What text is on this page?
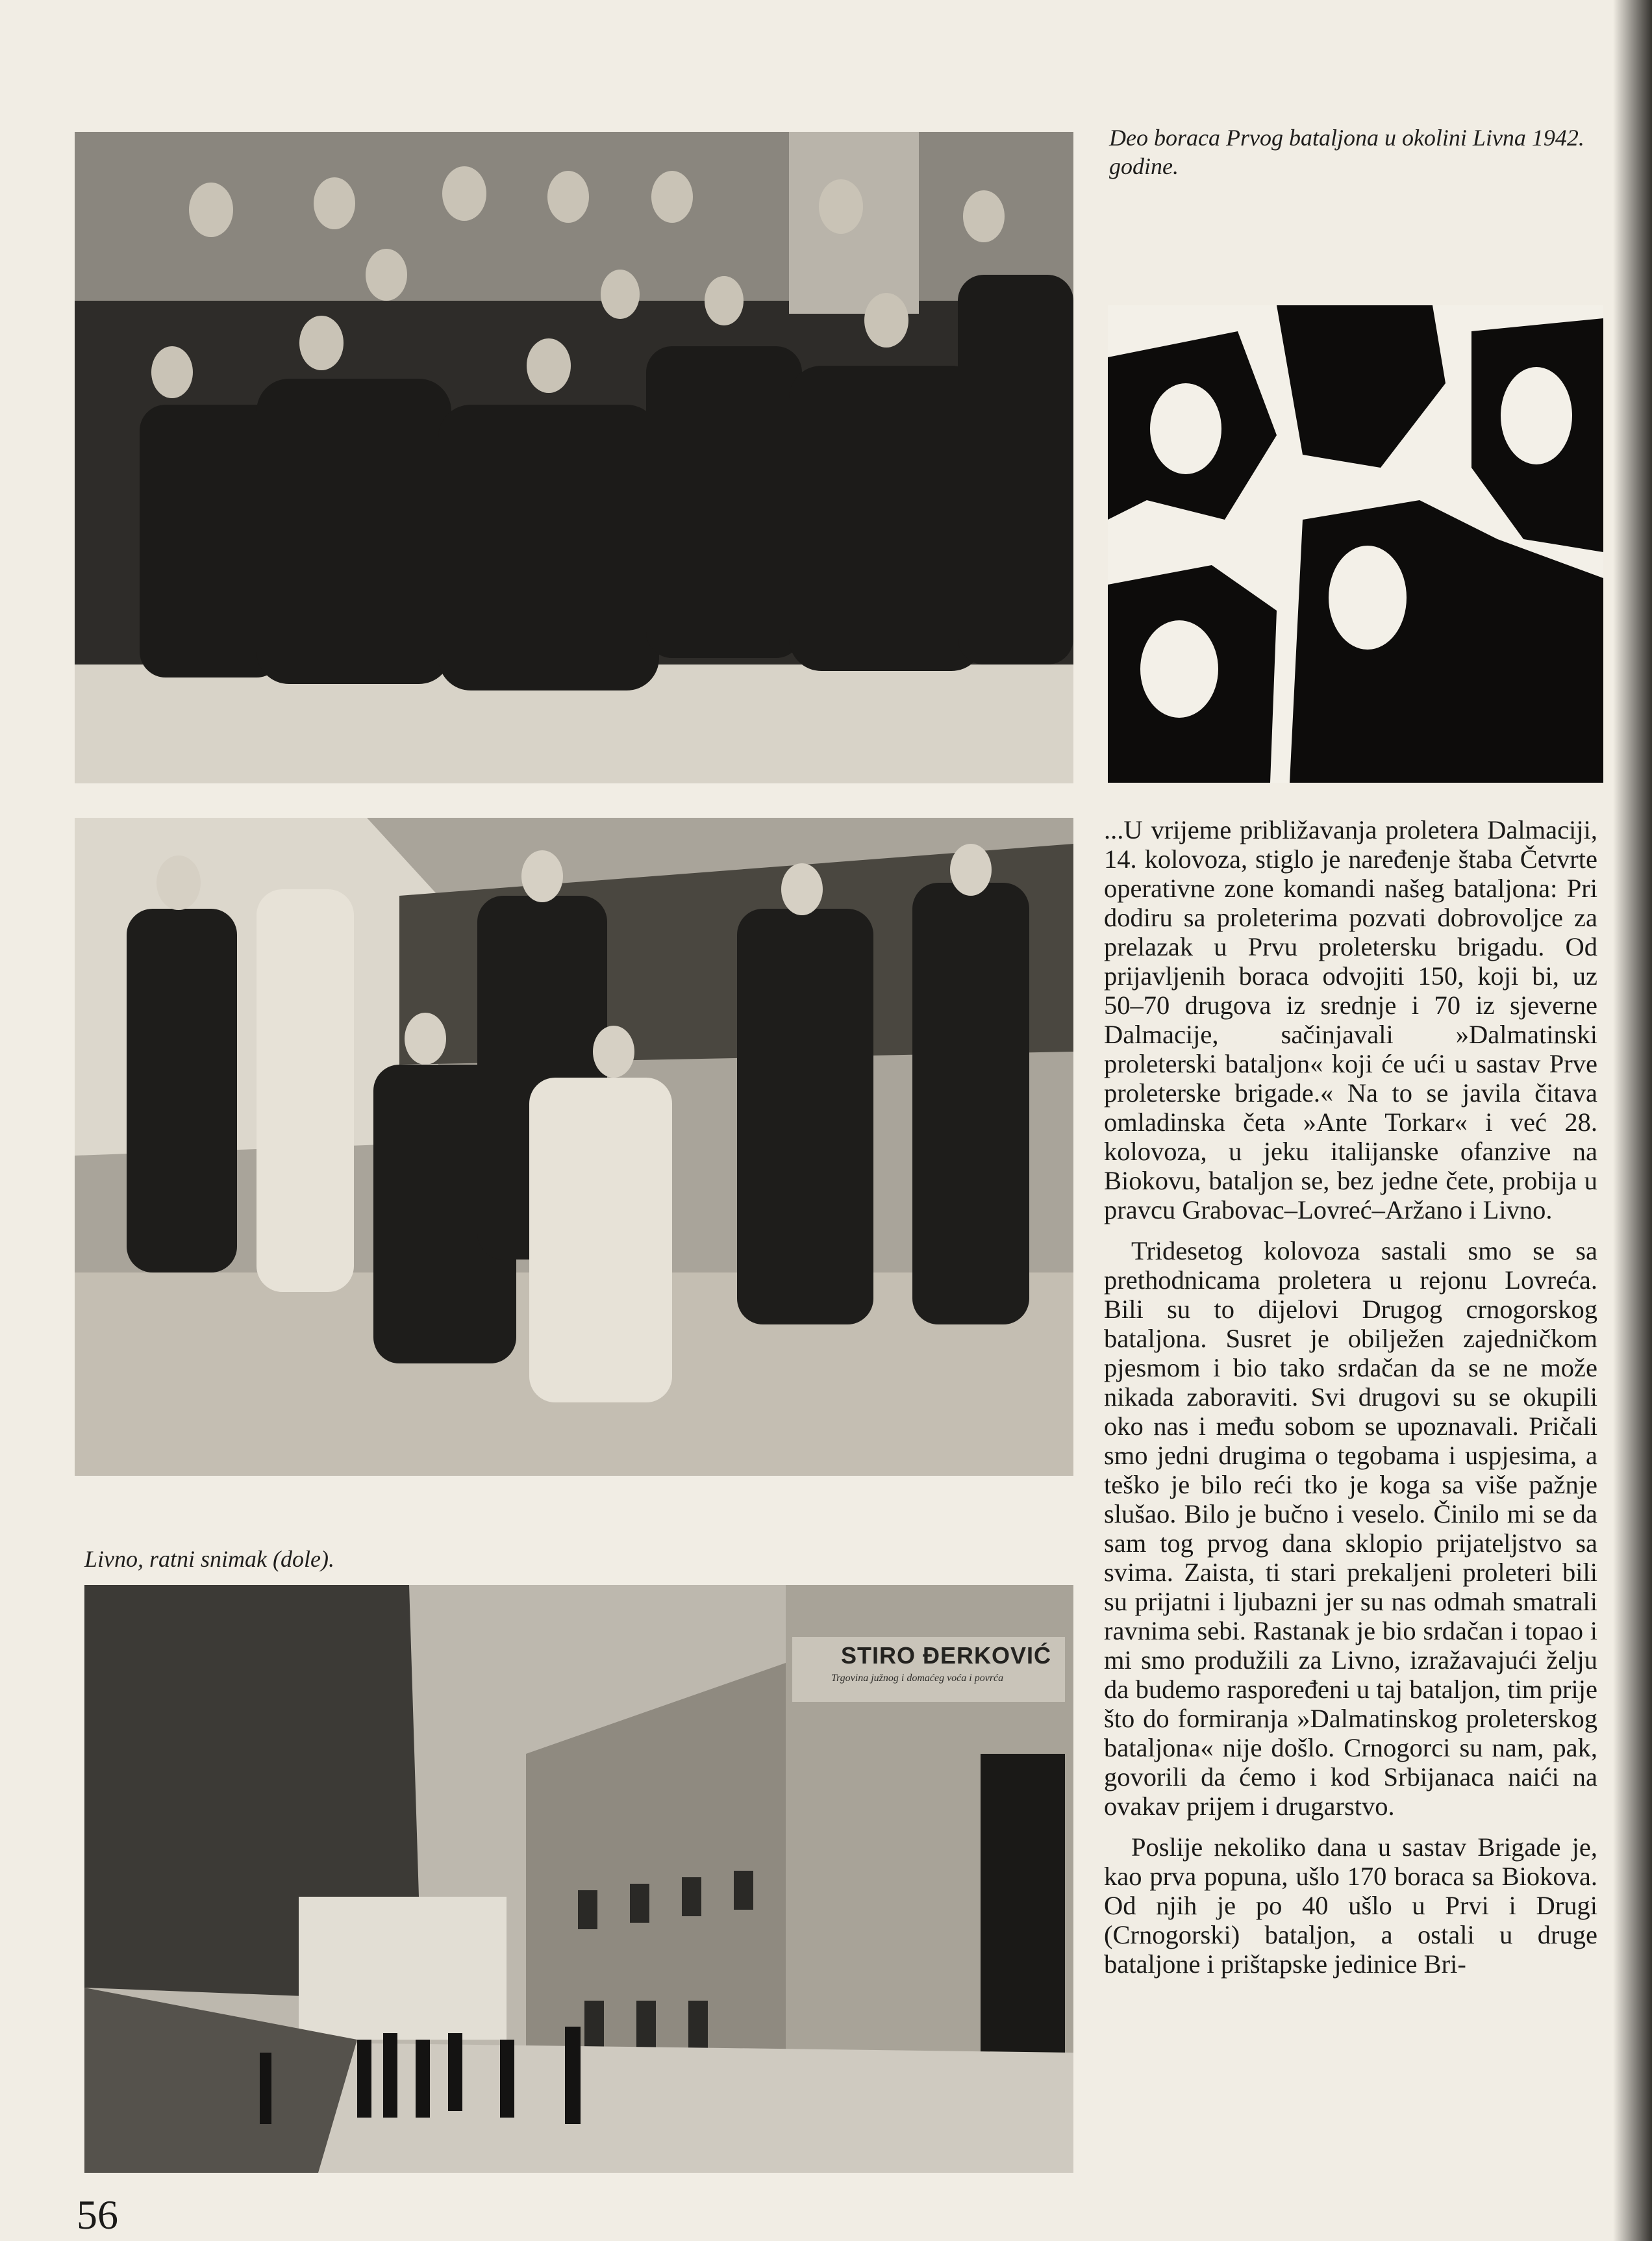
Deo boraca Prvog bataljona u okolini Livna 1942. godine.
Livno, ratni snimak (dole).
STIRO ĐERKOVIĆ
Trgovina južnog i domaćeg voća i povrća

...U vrijeme približavanja proletera Dalmaciji, 14. kolovoza, stiglo je naređenje štaba Četvrte operativne zone komandi našeg bataljona: Pri dodiru sa proleterima pozvati dobrovoljce za prelazak u Prvu proletersku brigadu. Od prijavljenih boraca odvojiti 150, koji bi, uz 50–70 drugova iz srednje i 70 iz sjeverne Dalmacije, sačinjavali »Dalmatinski proleterski bataljon« koji će ući u sastav Prve proleterske brigade.« Na to se javila čitava omladinska četa »Ante Torkar« i već 28. kolovoza, u jeku italijanske ofanzive na Biokovu, bataljon se, bez jedne čete, probija u pravcu Grabovac–Lovreć–Aržano i Livno.

Tridesetog kolovoza sastali smo se sa prethodnicama proletera u rejonu Lovreća. Bili su to dijelovi Drugog crnogorskog bataljona. Susret je obilježen zajedničkom pjesmom i bio tako srdačan da se ne može nikada zaboraviti. Svi drugovi su se okupili oko nas i među sobom se upoznavali. Pričali smo jedni drugima o tegobama i uspjesima, a teško je bilo reći tko je koga sa više pažnje slušao. Bilo je bučno i veselo. Činilo mi se da sam tog prvog dana sklopio prijateljstvo sa svima. Zaista, ti stari prekaljeni proleteri bili su prijatni i ljubazni jer su nas odmah smatrali ravnima sebi. Rastanak je bio srdačan i topao i mi smo produžili za Livno, izražavajući želju da budemo raspoređeni u taj bataljon, tim prije što do formiranja »Dalmatinskog proleterskog bataljona« nije došlo. Crnogorci su nam, pak, govorili da ćemo i kod Srbijanaca naići na ovakav prijem i drugarstvo.

Poslije nekoliko dana u sastav Brigade je, kao prva popuna, ušlo 170 boraca sa Biokova. Od njih je po 40 ušlo u Prvi i Drugi (Crnogorski) bataljon, a ostali u druge bataljone i prištapske jedinice Bri-

56
